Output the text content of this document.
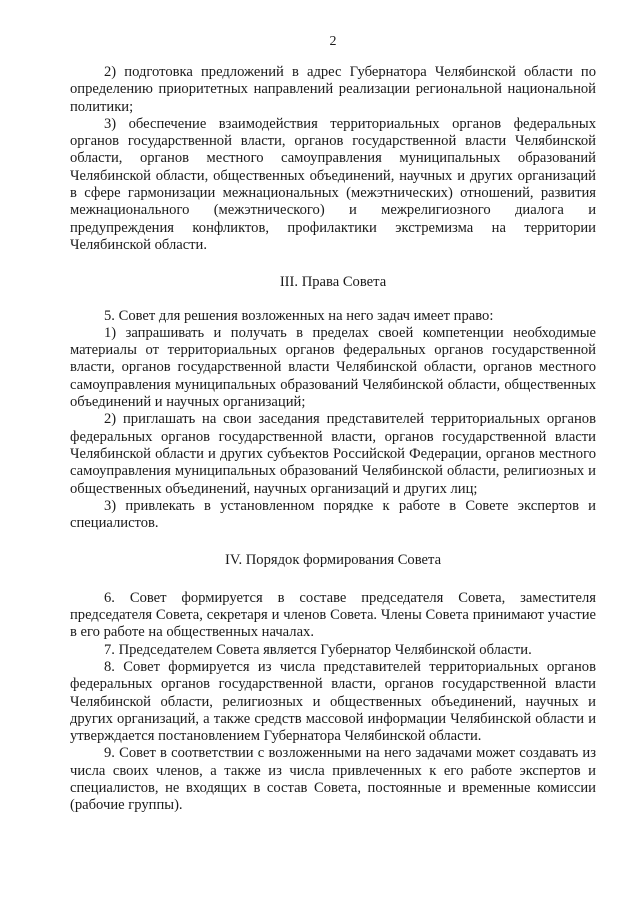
2

2) подготовка предложений в адрес Губернатора Челябинской области по определению приоритетных направлений реализации региональной национальной политики;

3) обеспечение взаимодействия территориальных органов федеральных органов государственной власти, органов государственной власти Челябинской области, органов местного самоуправления муниципальных образований Челябинской области, общественных объединений, научных и других организаций в сфере гармонизации межнациональных (межэтнических) отношений, развития межнационального (межэтнического) и межрелигиозного диалога и предупреждения конфликтов, профилактики экстремизма на территории Челябинской области.

III. Права Совета

5. Совет для решения возложенных на него задач имеет право:

1) запрашивать и получать в пределах своей компетенции необходимые материалы от территориальных органов федеральных органов государственной власти, органов государственной власти Челябинской области, органов местного самоуправления муниципальных образований Челябинской области, общественных объединений и научных организаций;

2) приглашать на свои заседания представителей территориальных органов федеральных органов государственной власти, органов государственной власти Челябинской области и других субъектов Российской Федерации, органов местного самоуправления муниципальных образований Челябинской области, религиозных и общественных объединений, научных организаций и других лиц;

3) привлекать в установленном порядке к работе в Совете экспертов и специалистов.

IV. Порядок формирования Совета

6. Совет формируется в составе председателя Совета, заместителя председателя Совета, секретаря и членов Совета. Члены Совета принимают участие в его работе на общественных началах.

7. Председателем Совета является Губернатор Челябинской области.

8. Совет формируется из числа представителей территориальных органов федеральных органов государственной власти, органов государственной власти Челябинской области, религиозных и общественных объединений, научных и других организаций, а также средств массовой информации Челябинской области и утверждается постановлением Губернатора Челябинской области.

9. Совет в соответствии с возложенными на него задачами может создавать из числа своих членов, а также из числа привлеченных к его работе экспертов и специалистов, не входящих в состав Совета, постоянные и временные комиссии (рабочие группы).
